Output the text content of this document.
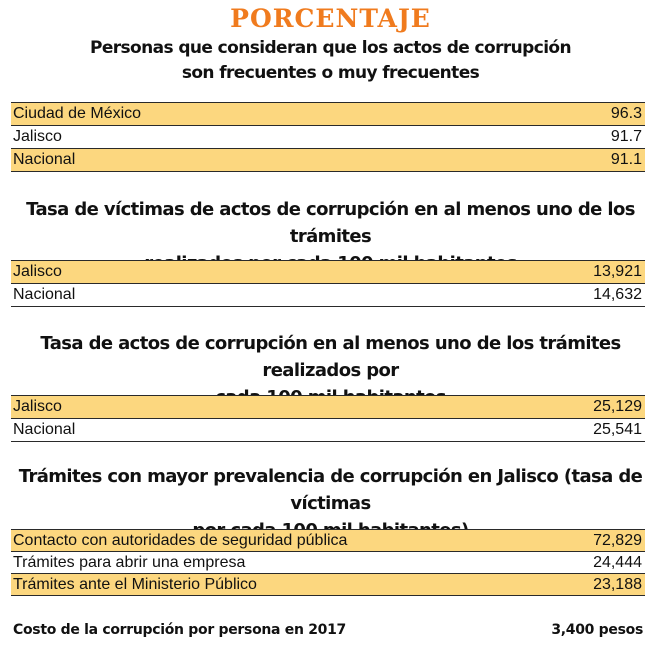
PORCENTAJE
Personas que consideran que los actos de corrupción
son frecuentes o muy frecuentes
Ciudad de México	96.3
Jalisco	91.7
Nacional	91.1
Tasa de víctimas de actos de corrupción en al menos uno de los trámites
Jalisco	13,921
Nacional	14,632
Tasa de actos de corrupción en al menos uno de los trámites realizados por
Jalisco	25,129
Nacional	25,541
Trámites con mayor prevalencia de corrupción en Jalisco (tasa de víctimas
Contacto con autoridades de seguridad pública	72,829
Trámites para abrir una empresa	24,444
Trámites ante el Ministerio Público	23,188
Costo de la corrupción por persona en 2017	3,400 pesos
